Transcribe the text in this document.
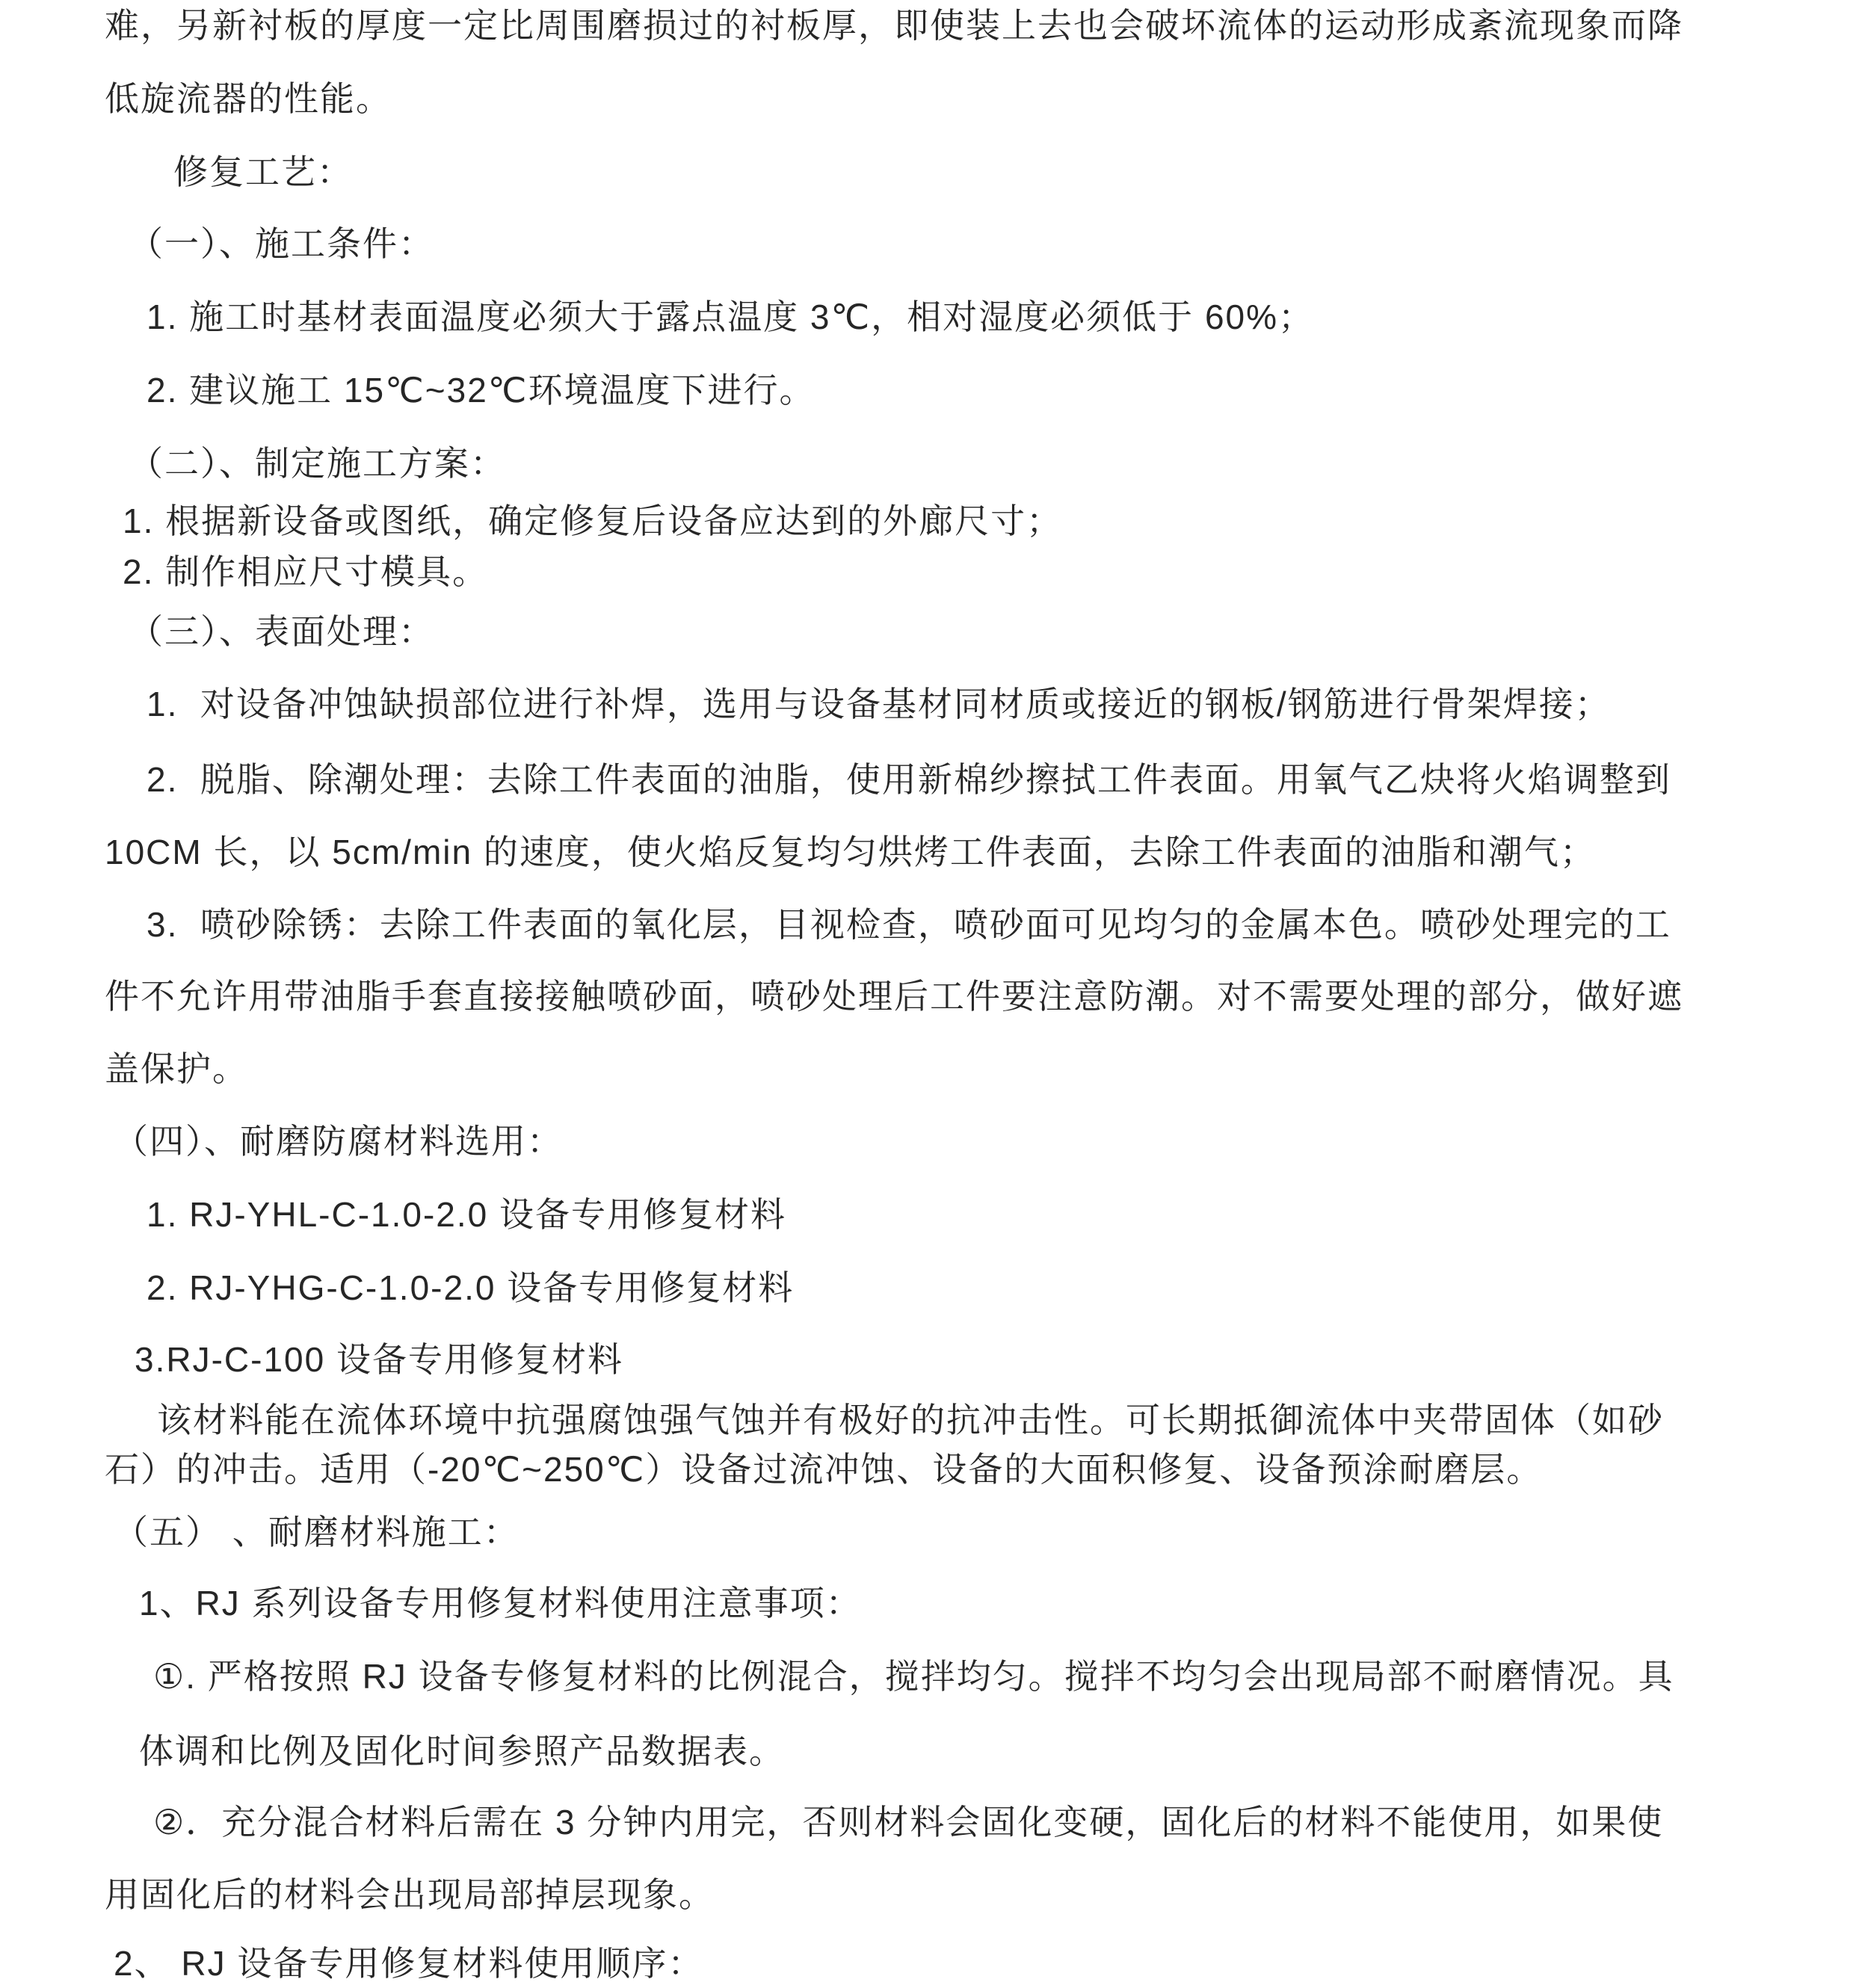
难，另新衬板的厚度一定比周围磨损过的衬板厚，即使装上去也会破坏流体的运动形成紊流现象而降

低旋流器的性能。

修复工艺：

（一）、施工条件：

1. 施工时基材表面温度必须大于露点温度 3℃，相对湿度必须低于 60%；

2. 建议施工 15℃~32℃环境温度下进行。

（二）、制定施工方案：

1. 根据新设备或图纸，确定修复后设备应达到的外廊尺寸；

2. 制作相应尺寸模具。

（三）、表面处理：

1.  对设备冲蚀缺损部位进行补焊，选用与设备基材同材质或接近的钢板/钢筋进行骨架焊接；

2.  脱脂、除潮处理：去除工件表面的油脂，使用新棉纱擦拭工件表面。用氧气乙炔将火焰调整到

10CM 长，以 5cm/min 的速度，使火焰反复均匀烘烤工件表面，去除工件表面的油脂和潮气；

3.  喷砂除锈：去除工件表面的氧化层，目视检查，喷砂面可见均匀的金属本色。喷砂处理完的工

件不允许用带油脂手套直接接触喷砂面，喷砂处理后工件要注意防潮。对不需要处理的部分，做好遮

盖保护。

（四）、耐磨防腐材料选用：

1. RJ-YHL-C-1.0-2.0 设备专用修复材料

2. RJ-YHG-C-1.0-2.0 设备专用修复材料

3.RJ-C-100 设备专用修复材料

该材料能在流体环境中抗强腐蚀强气蚀并有极好的抗冲击性。可长期抵御流体中夹带固体（如砂

石）的冲击。适用（-20℃~250℃）设备过流冲蚀、设备的大面积修复、设备预涂耐磨层。

（五） 、耐磨材料施工：

1、RJ 系列设备专用修复材料使用注意事项：

①. 严格按照 RJ 设备专修复材料的比例混合，搅拌均匀。搅拌不均匀会出现局部不耐磨情况。具

体调和比例及固化时间参照产品数据表。

②．充分混合材料后需在 3 分钟内用完，否则材料会固化变硬，固化后的材料不能使用，如果使

用固化后的材料会出现局部掉层现象。

2、 RJ 设备专用修复材料使用顺序：
